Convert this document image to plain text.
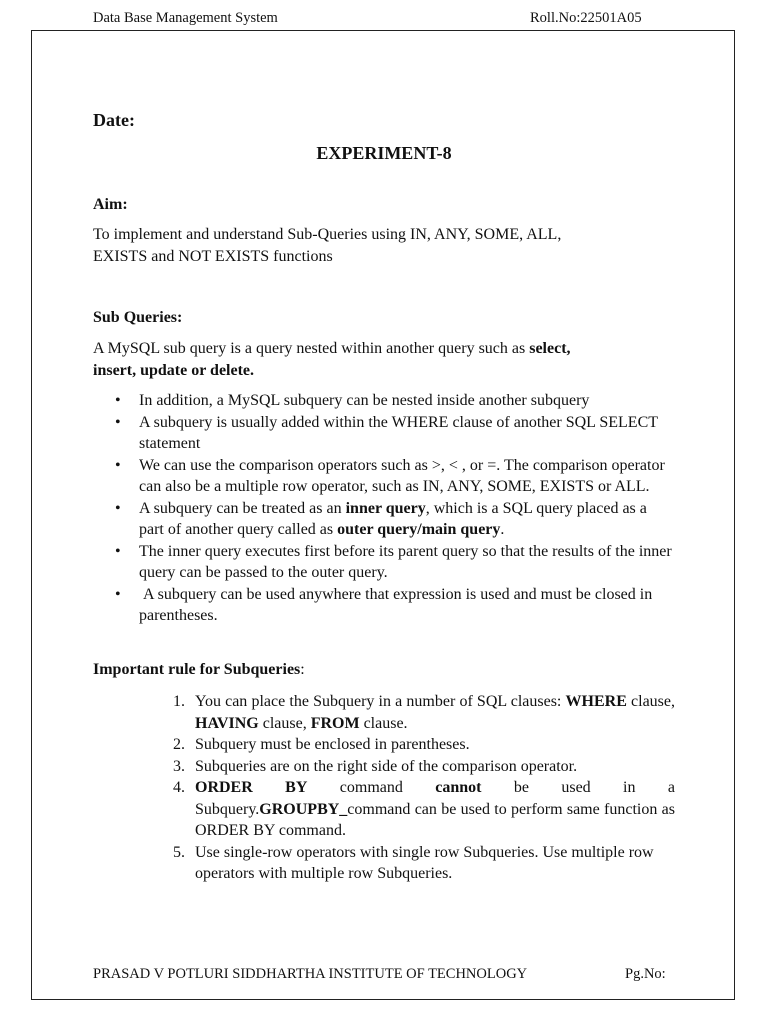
Data Base Management System	Roll.No:22501A05
Date:
EXPERIMENT-8
Aim:

To implement and understand Sub-Queries using IN, ANY, SOME, ALL,

EXISTS and NOT EXISTS functions

Sub Queries:
A MySQL sub query is a query nested within another query such as select,
insert, update or delete.
• In addition, a MySQL subquery can be nested inside another subquery
• A subquery is usually added within the WHERE clause of another SQL SELECT statement
• We can use the comparison operators such as >, < , or =. The comparison operator can also be a multiple row operator, such as IN, ANY, SOME, EXISTS or ALL.
• A subquery can be treated as an inner query, which is a SQL query placed as a part of another query called as outer query/main query.
• The inner query executes first before its parent query so that the results of the inner query can be passed to the outer query.
• A subquery can be used anywhere that expression is used and must be closed in parentheses.
Important rule for Subqueries:
1. You can place the Subquery in a number of SQL clauses: WHERE clause, HAVING clause, FROM clause.
2. Subquery must be enclosed in parentheses.
3. Subqueries are on the right side of the comparison operator.
4. ORDER BY command cannot be used in a Subquery.GROUPBY_command can be used to perform same function as ORDER BY command.
5. Use single-row operators with single row Subqueries. Use multiple row operators with multiple row Subqueries.
PRASAD V POTLURI SIDDHARTHA INSTITUTE OF TECHNOLOGY	Pg.No:
